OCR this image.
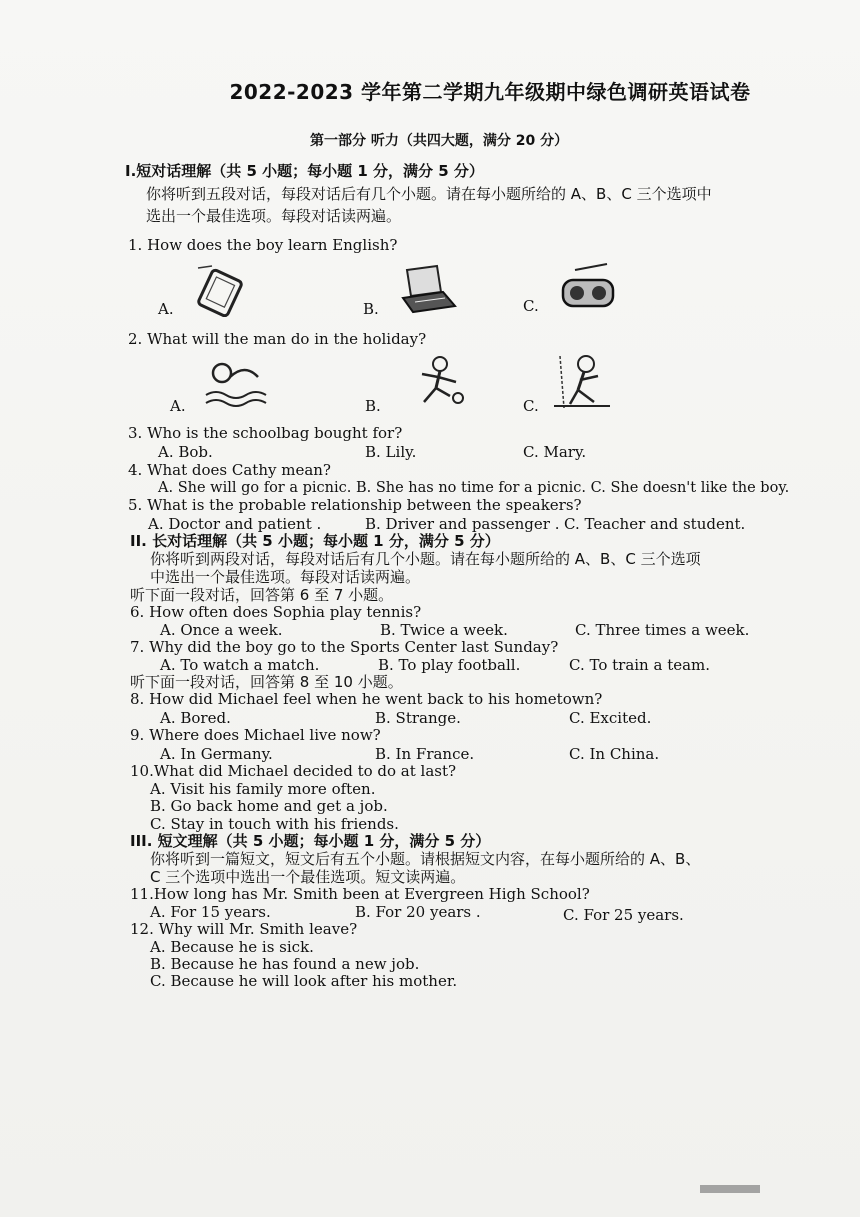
2022-2023 学年第二学期九年级期中绿色调研英语试卷
第一部分 听力（共四大题，满分 20 分）
I.短对话理解（共 5 小题；每小题 1 分，满分 5 分）
你将听到五段对话，每段对话后有几个小题。请在每小题所给的 A、B、C 三个选项中
选出一个最佳选项。每段对话读两遍。
1. How does the boy learn English?
A.	B.	C.
2. What will the man do in the holiday?
A.	B.	C.
3. Who is the schoolbag bought for?
A. Bob.	B. Lily.	C. Mary.
4. What does Cathy mean?
A. She will go for a picnic. B. She has no time for a picnic. C. She doesn't like the boy.
5. What is the probable relationship between the speakers?
A. Doctor and patient .	B. Driver and passenger . C. Teacher and student.
II. 长对话理解（共 5 小题；每小题 1 分，满分 5 分）
你将听到两段对话，每段对话后有几个小题。请在每小题所给的 A、B、C 三个选项
中选出一个最佳选项。每段对话读两遍。
听下面一段对话，回答第 6 至 7 小题。
6. How often does Sophia play tennis?
A. Once a week.	B. Twice a week.	C. Three times a week.
7. Why did the boy go to the Sports Center last Sunday?
A. To watch a match.	B. To play football.	C. To train a team.
听下面一段对话，回答第 8 至 10 小题。
8. How did Michael feel when he went back to his hometown?
A. Bored.	B. Strange.	C. Excited.
9. Where does Michael live now?
A. In Germany.	B. In France.	C. In China.
10.What did Michael decided to do at last?
A. Visit his family more often.
B. Go back home and get a job.
C. Stay in touch with his friends.
III. 短文理解（共 5 小题；每小题 1 分，满分 5 分）
你将听到一篇短文，短文后有五个小题。请根据短文内容，在每小题所给的 A、B、
C 三个选项中选出一个最佳选项。短文读两遍。
11.How long has Mr. Smith been at Evergreen High School?
A. For 15 years.	B. For 20 years .	C. For 25 years.
12. Why will Mr. Smith leave?
A. Because he is sick.
B. Because he has found a new job.
C. Because he will look after his mother.
